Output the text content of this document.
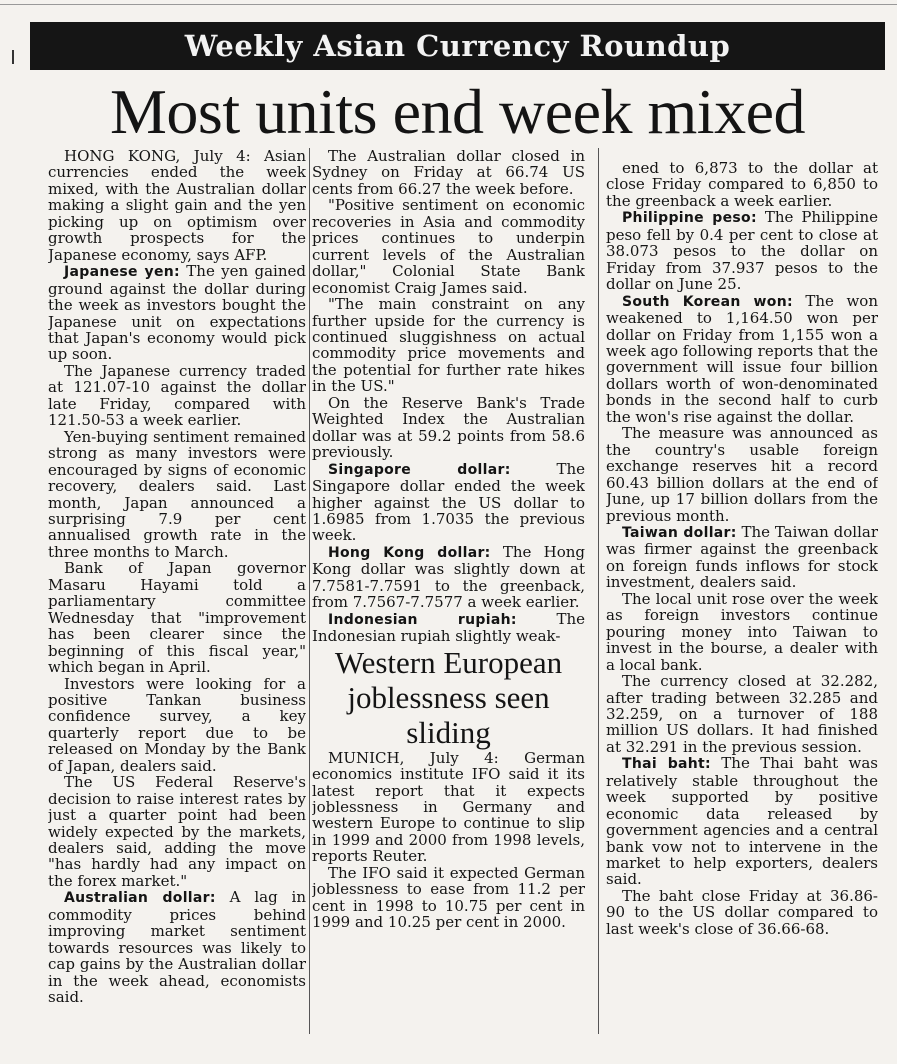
Weekly Asian Currency Roundup
Most units end week mixed

HONG KONG, July 4: Asian currencies ended the week mixed, with the Australian dollar making a slight gain and the yen picking up on optimism over growth prospects for the Japanese economy, says AFP.

Japanese yen: The yen gained ground against the dollar during the week as investors bought the Japanese unit on expectations that Japan's economy would pick up soon.

The Japanese currency traded at 121.07-10 against the dollar late Friday, compared with 121.50-53 a week earlier.

Yen-buying sentiment remained strong as many investors were encouraged by signs of economic recovery, dealers said. Last month, Japan announced a surprising 7.9 per cent annualised growth rate in the three months to March.

Bank of Japan governor Masaru Hayami told a parliamentary committee Wednesday that "improvement has been clearer since the beginning of this fiscal year," which began in April.

Investors were looking for a positive Tankan business confidence survey, a key quarterly report due to be released on Monday by the Bank of Japan, dealers said.

The US Federal Reserve's decision to raise interest rates by just a quarter point had been widely expected by the markets, dealers said, adding the move "has hardly had any impact on the forex market."

Australian dollar: A lag in commodity prices behind improving market sentiment towards resources was likely to cap gains by the Australian dollar in the week ahead, economists said.

The Australian dollar closed in Sydney on Friday at 66.74 US cents from 66.27 the week before.

"Positive sentiment on economic recoveries in Asia and commodity prices continues to underpin current levels of the Australian dollar," Colonial State Bank economist Craig James said.

"The main constraint on any further upside for the currency is continued sluggishness on actual commodity price movements and the potential for further rate hikes in the US."

On the Reserve Bank's Trade Weighted Index the Australian dollar was at 59.2 points from 58.6 previously.

Singapore dollar: The Singapore dollar ended the week higher against the US dollar to 1.6985 from 1.7035 the previous week.

Hong Kong dollar: The Hong Kong dollar was slightly down at 7.7581-7.7591 to the greenback, from 7.7567-7.7577 a week earlier.

Indonesian rupiah: The Indonesian rupiah slightly weak-

Western European joblessness seen sliding

MUNICH, July 4: German economics institute IFO said it its latest report that it expects joblessness in Germany and western Europe to continue to slip in 1999 and 2000 from 1998 levels, reports Reuter.

The IFO said it expected German joblessness to ease from 11.2 per cent in 1998 to 10.75 per cent in 1999 and 10.25 per cent in 2000.

ened to 6,873 to the dollar at close Friday compared to 6,850 to the greenback a week earlier.

Philippine peso: The Philippine peso fell by 0.4 per cent to close at 38.073 pesos to the dollar on Friday from 37.937 pesos to the dollar on June 25.

South Korean won: The won weakened to 1,164.50 won per dollar on Friday from 1,155 won a week ago following reports that the government will issue four billion dollars worth of won-denominated bonds in the second half to curb the won's rise against the dollar.

The measure was announced as the country's usable foreign exchange reserves hit a record 60.43 billion dollars at the end of June, up 17 billion dollars from the previous month.

Taiwan dollar: The Taiwan dollar was firmer against the greenback on foreign funds inflows for stock investment, dealers said.

The local unit rose over the week as foreign investors continue pouring money into Taiwan to invest in the bourse, a dealer with a local bank.

The currency closed at 32.282, after trading between 32.285 and 32.259, on a turnover of 188 million US dollars. It had finished at 32.291 in the previous session.

Thai baht: The Thai baht was relatively stable throughout the week supported by positive economic data released by government agencies and a central bank vow not to intervene in the market to help exporters, dealers said.

The baht close Friday at 36.86-90 to the US dollar compared to last week's close of 36.66-68.
